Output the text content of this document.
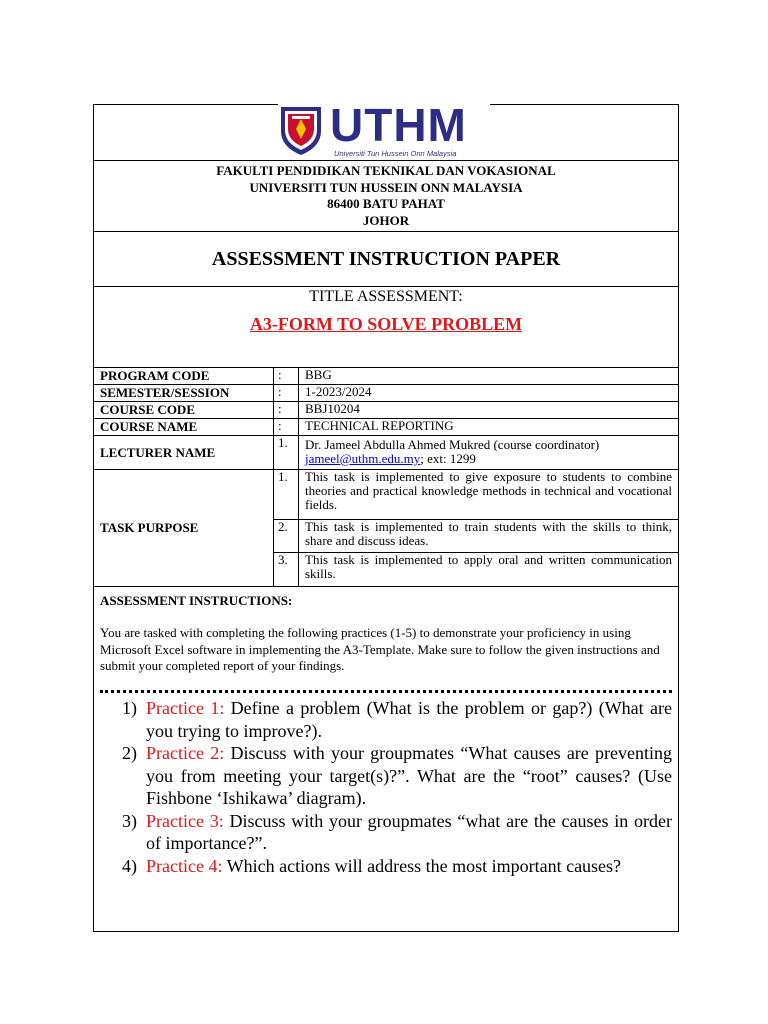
UTHM
Universiti Tun Hussein Onn Malaysia
FAKULTI PENDIDIKAN TEKNIKAL DAN VOKASIONAL
UNIVERSITI TUN HUSSEIN ONN MALAYSIA
86400 BATU PAHAT
JOHOR
ASSESSMENT INSTRUCTION PAPER
TITLE ASSESSMENT:
A3-FORM TO SOLVE PROBLEM
PROGRAM CODE	:	BBG
SEMESTER/SESSION	:	1-2023/2024
COURSE CODE	:	BBJ10204
COURSE NAME	:	TECHNICAL REPORTING
LECTURER NAME	1.	Dr. Jameel Abdulla Ahmed Mukred (course coordinator)
jameel@uthm.edu.my; ext: 1299

TASK PURPOSE	1.	This task is implemented to give exposure to students to combine theories and practical knowledge methods in technical and vocational fields.
	2.	This task is implemented to train students with the skills to think, share and discuss ideas.
	3.	This task is implemented to apply oral and written communication skills.
ASSESSMENT INSTRUCTIONS:
You are tasked with completing the following practices (1-5) to demonstrate your proficiency in using Microsoft Excel software in implementing the A3-Template. Make sure to follow the given instructions and submit your completed report of your findings.
1) Practice 1: Define a problem (What is the problem or gap?) (What are you trying to improve?).
2) Practice 2: Discuss with your groupmates “What causes are preventing you from meeting your target(s)?”. What are the “root” causes? (Use Fishbone ‘Ishikawa’ diagram).
3) Practice 3: Discuss with your groupmates “what are the causes in order of importance?”.
4) Practice 4: Which actions will address the most important causes?
